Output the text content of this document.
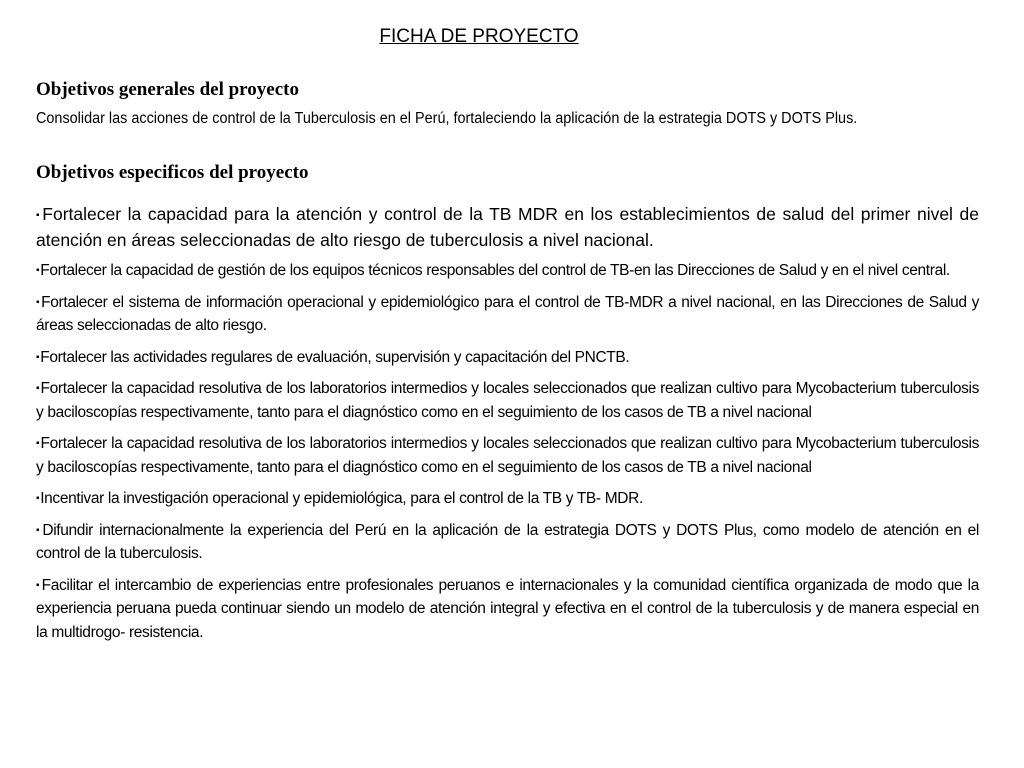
FICHA DE PROYECTO
Objetivos generales del proyecto
Consolidar las acciones de control de la Tuberculosis en el Perú, fortaleciendo la aplicación de la estrategia DOTS y DOTS Plus.
Objetivos especificos del proyecto
▪Fortalecer la capacidad para la atención y control de la TB MDR en los establecimientos de salud del primer nivel de atención en áreas seleccionadas de alto riesgo de tuberculosis a nivel nacional.
▪Fortalecer la capacidad de gestión de los equipos técnicos responsables del control de TB-en las Direcciones de Salud y en el nivel central.
▪Fortalecer el sistema de información operacional y epidemiológico para el control de TB-MDR a nivel nacional, en las Direcciones de Salud y áreas seleccionadas de alto riesgo.
▪Fortalecer las actividades regulares de evaluación, supervisión y capacitación del PNCTB.
▪Fortalecer la capacidad resolutiva de los laboratorios intermedios y locales seleccionados que realizan cultivo para Mycobacterium tuberculosis y baciloscopías respectivamente, tanto para el diagnóstico como en el seguimiento de los casos de TB a nivel nacional
▪Fortalecer la capacidad resolutiva de los laboratorios intermedios y locales seleccionados que realizan cultivo para Mycobacterium tuberculosis y baciloscopías respectivamente, tanto para el diagnóstico como en el seguimiento de los casos de TB a nivel nacional
▪Incentivar la investigación operacional y epidemiológica, para el control de la TB y TB- MDR.
▪Difundir internacionalmente la experiencia del Perú en la aplicación de la estrategia DOTS y DOTS Plus, como modelo de atención en el control de la tuberculosis.
▪Facilitar el intercambio de experiencias entre profesionales peruanos e internacionales y la comunidad científica organizada de modo que la experiencia peruana pueda continuar siendo un modelo de atención integral y efectiva en el control de la tuberculosis y de manera especial en la multidrogo- resistencia.
